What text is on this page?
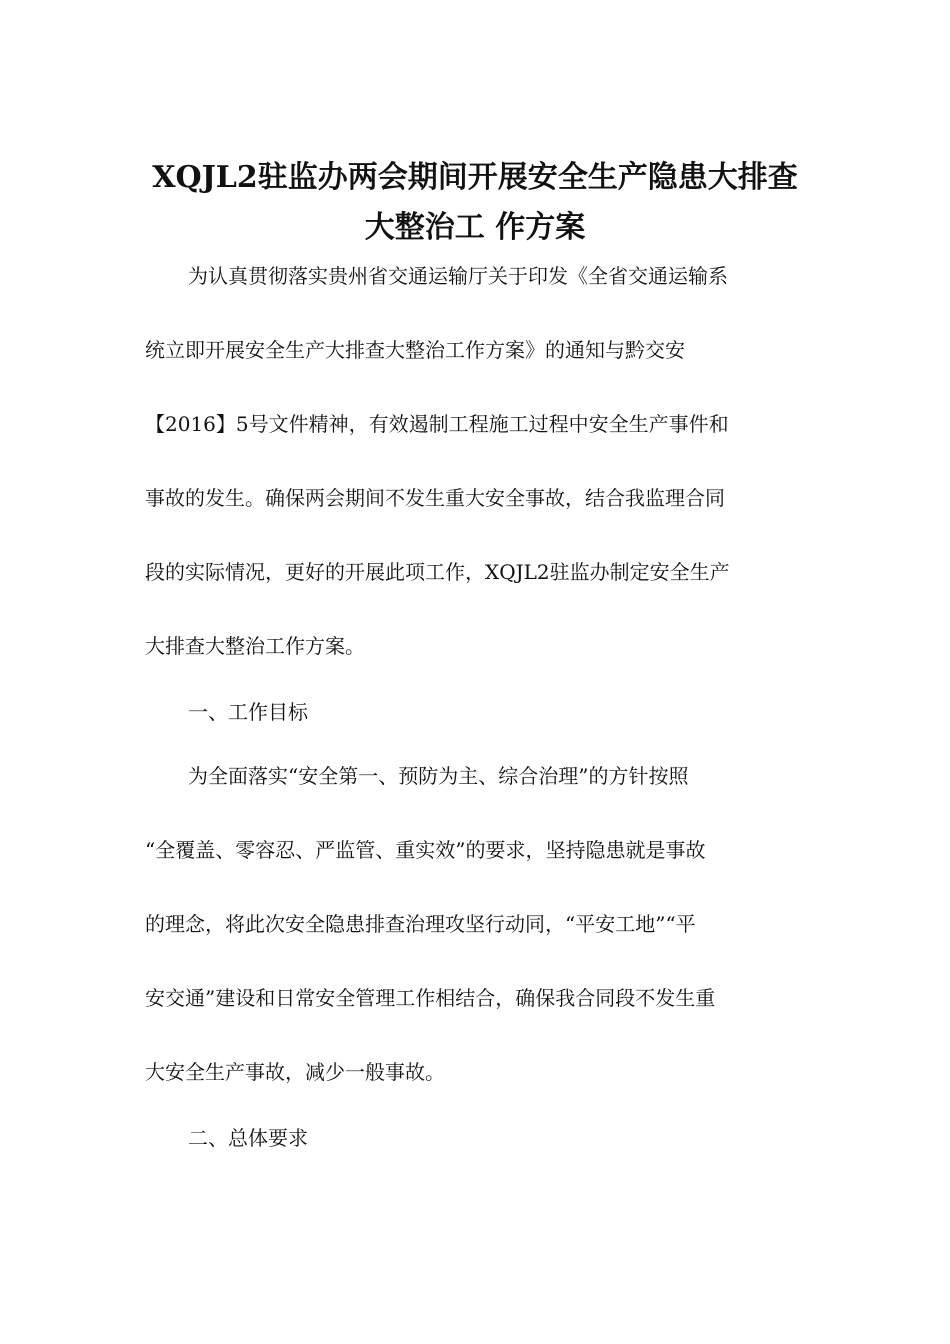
XQJL2驻监办两会期间开展安全生产隐患大排查
大整治工 作方案
为认真贯彻落实贵州省交通运输厅关于印发《全省交通运输系
统立即开展安全生产大排查大整治工作方案》的通知与黔交安
【2016】5号文件精神，有效遏制工程施工过程中安全生产事件和
事故的发生。确保两会期间不发生重大安全事故，结合我监理合同
段的实际情况，更好的开展此项工作，XQJL2驻监办制定安全生产
大排查大整治工作方案。
一、工作目标
为全面落实“安全第一、预防为主、综合治理”的方针按照
“全覆盖、零容忍、严监管、重实效”的要求，坚持隐患就是事故
的理念，将此次安全隐患排查治理攻坚行动同，“平安工地”“平
安交通”建设和日常安全管理工作相结合，确保我合同段不发生重
大安全生产事故，减少一般事故。
二、总体要求
